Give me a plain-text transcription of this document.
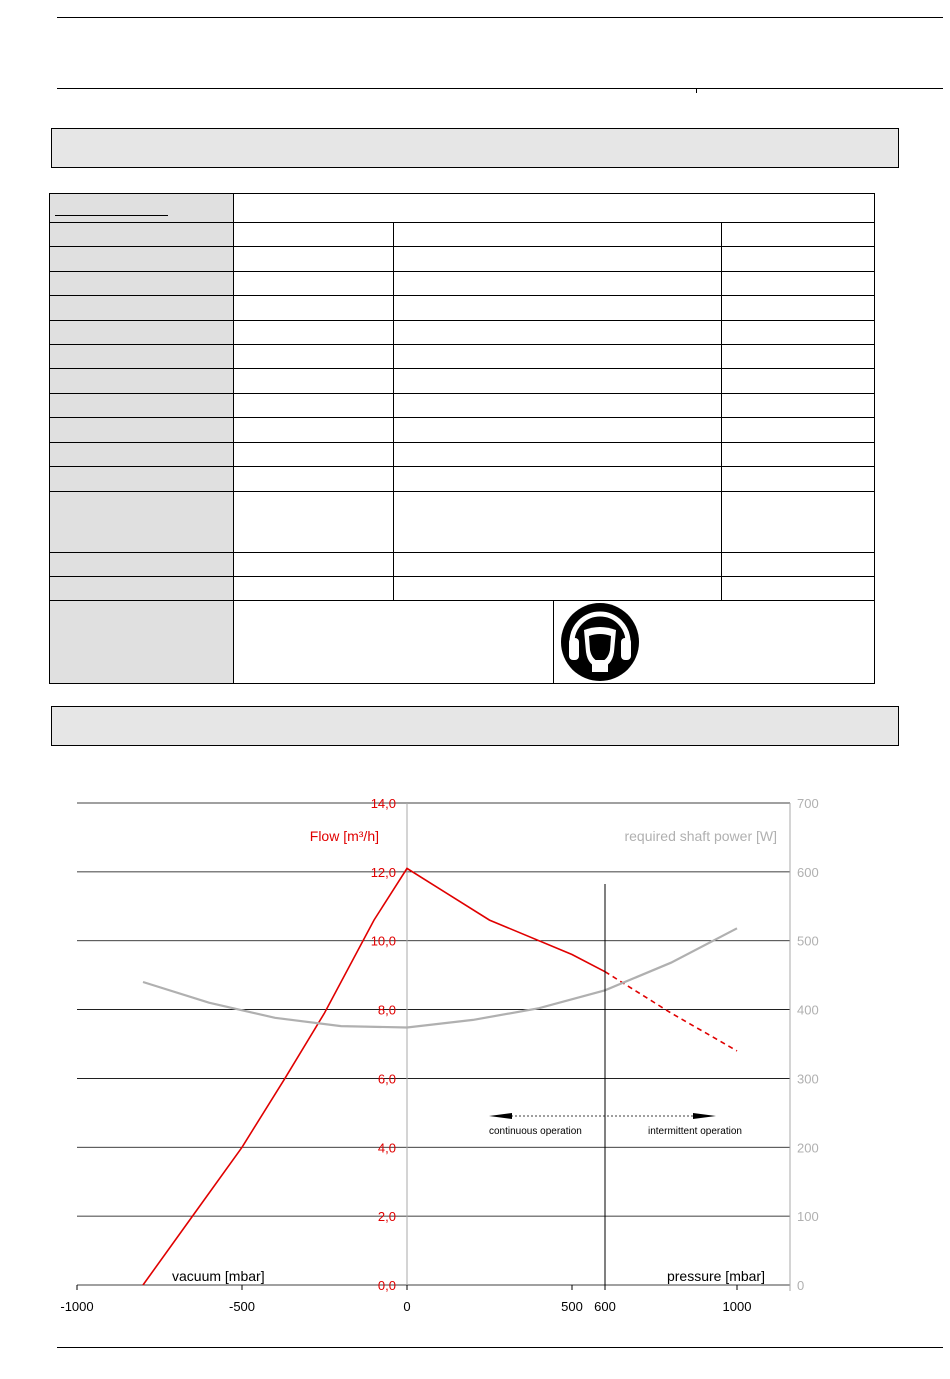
0,0	0
2,0	100
4,0	200
6,0	300
8,0	400
10,0	500
12,0	600
14,0	700
-1000	-500	0	500 600	1000
continuous operation	intermittent operation
vacuum [mbar]	pressure [mbar]
Flow [m³/h]	required shaft power [W]
